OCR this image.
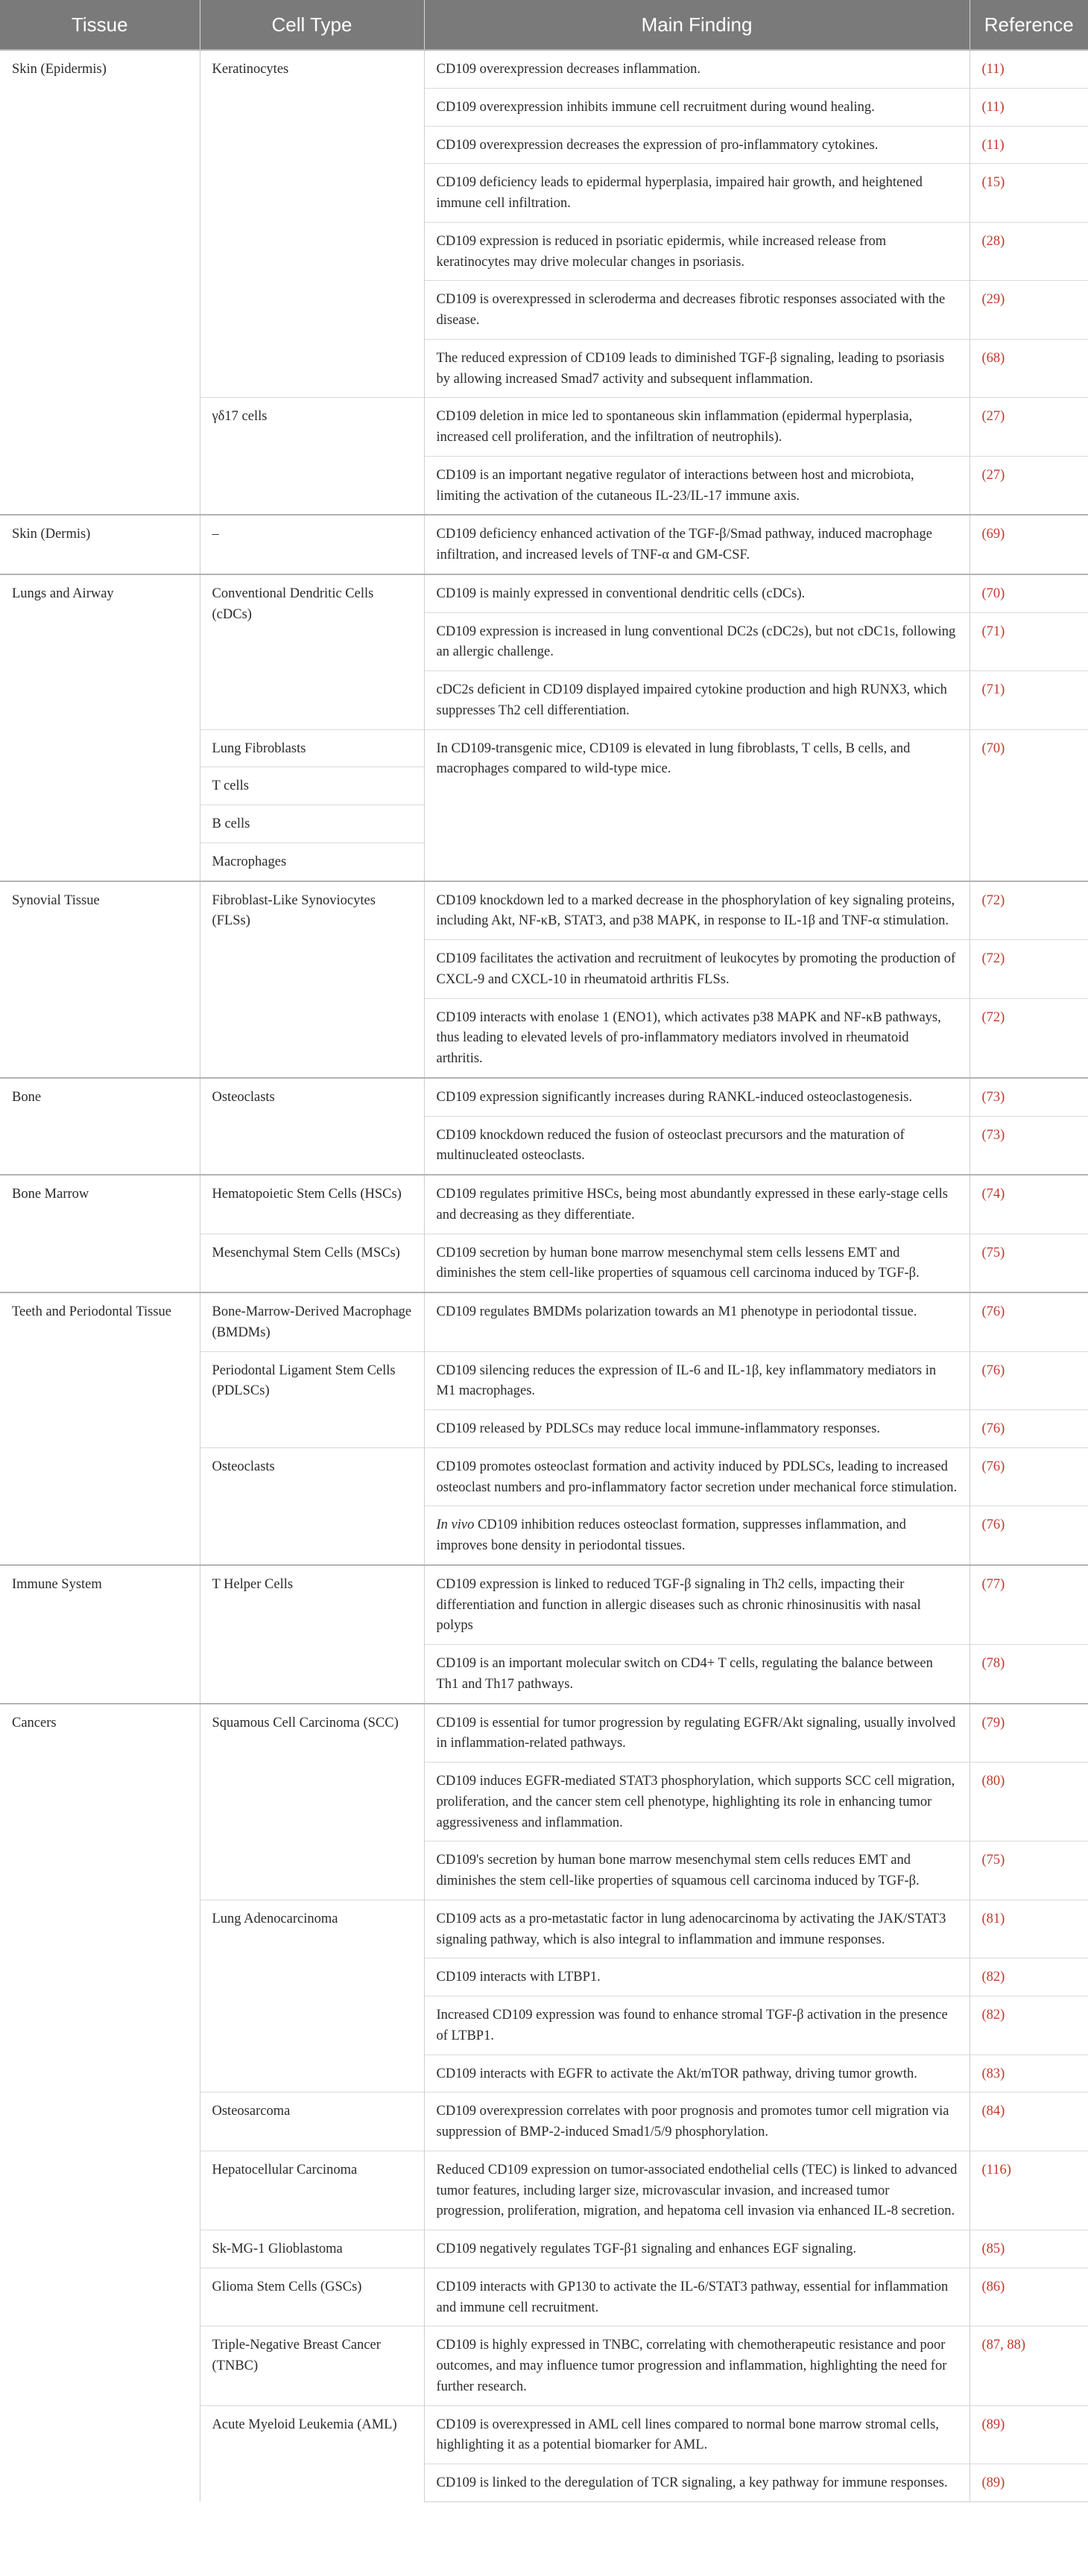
Tissue	Cell Type	Main Finding	Reference
Skin (Epidermis)	Keratinocytes	CD109 overexpression decreases inflammation.	(11)
		CD109 overexpression inhibits immune cell recruitment during wound healing.	(11)
		CD109 overexpression decreases the expression of pro-inflammatory cytokines.	(11)
		CD109 deficiency leads to epidermal hyperplasia, impaired hair growth, and heightened immune cell infiltration.	(15)
		CD109 expression is reduced in psoriatic epidermis, while increased release from keratinocytes may drive molecular changes in psoriasis.	(28)
		CD109 is overexpressed in scleroderma and decreases fibrotic responses associated with the disease.	(29)
		The reduced expression of CD109 leads to diminished TGF-β signaling, leading to psoriasis by allowing increased Smad7 activity and subsequent inflammation.	(68)
	γδ17 cells	CD109 deletion in mice led to spontaneous skin inflammation (epidermal hyperplasia, increased cell proliferation, and the infiltration of neutrophils).	(27)
		CD109 is an important negative regulator of interactions between host and microbiota, limiting the activation of the cutaneous IL-23/IL-17 immune axis.	(27)
Skin (Dermis)	–	CD109 deficiency enhanced activation of the TGF-β/Smad pathway, induced macrophage infiltration, and increased levels of TNF-α and GM-CSF.	(69)
Lungs and Airway	Conventional Dendritic Cells (cDCs)	CD109 is mainly expressed in conventional dendritic cells (cDCs).	(70)
		CD109 expression is increased in lung conventional DC2s (cDC2s), but not cDC1s, following an allergic challenge.	(71)
		cDC2s deficient in CD109 displayed impaired cytokine production and high RUNX3, which suppresses Th2 cell differentiation.	(71)
	Lung Fibroblasts	In CD109-transgenic mice, CD109 is elevated in lung fibroblasts, T cells, B cells, and macrophages compared to wild-type mice.	(70)
	T cells		
	B cells		
	Macrophages		
Synovial Tissue	Fibroblast-Like Synoviocytes (FLSs)	CD109 knockdown led to a marked decrease in the phosphorylation of key signaling proteins, including Akt, NF-κB, STAT3, and p38 MAPK, in response to IL-1β and TNF-α stimulation.	(72)
		CD109 facilitates the activation and recruitment of leukocytes by promoting the production of CXCL-9 and CXCL-10 in rheumatoid arthritis FLSs.	(72)
		CD109 interacts with enolase 1 (ENO1), which activates p38 MAPK and NF-κB pathways, thus leading to elevated levels of pro-inflammatory mediators involved in rheumatoid arthritis.	(72)
Bone	Osteoclasts	CD109 expression significantly increases during RANKL-induced osteoclastogenesis.	(73)
		CD109 knockdown reduced the fusion of osteoclast precursors and the maturation of multinucleated osteoclasts.	(73)
Bone Marrow	Hematopoietic Stem Cells (HSCs)	CD109 regulates primitive HSCs, being most abundantly expressed in these early-stage cells and decreasing as they differentiate.	(74)
	Mesenchymal Stem Cells (MSCs)	CD109 secretion by human bone marrow mesenchymal stem cells lessens EMT and diminishes the stem cell-like properties of squamous cell carcinoma induced by TGF-β.	(75)
Teeth and Periodontal Tissue	Bone-Marrow-Derived Macrophage (BMDMs)	CD109 regulates BMDMs polarization towards an M1 phenotype in periodontal tissue.	(76)
	Periodontal Ligament Stem Cells (PDLSCs)	CD109 silencing reduces the expression of IL-6 and IL-1β, key inflammatory mediators in M1 macrophages.	(76)
		CD109 released by PDLSCs may reduce local immune-inflammatory responses.	(76)
	Osteoclasts	CD109 promotes osteoclast formation and activity induced by PDLSCs, leading to increased osteoclast numbers and pro-inflammatory factor secretion under mechanical force stimulation.	(76)
		In vivo CD109 inhibition reduces osteoclast formation, suppresses inflammation, and improves bone density in periodontal tissues.	(76)
Immune System	T Helper Cells	CD109 expression is linked to reduced TGF-β signaling in Th2 cells, impacting their differentiation and function in allergic diseases such as chronic rhinosinusitis with nasal polyps	(77)
		CD109 is an important molecular switch on CD4+ T cells, regulating the balance between Th1 and Th17 pathways.	(78)
Cancers	Squamous Cell Carcinoma (SCC)	CD109 is essential for tumor progression by regulating EGFR/Akt signaling, usually involved in inflammation-related pathways.	(79)
		CD109 induces EGFR-mediated STAT3 phosphorylation, which supports SCC cell migration, proliferation, and the cancer stem cell phenotype, highlighting its role in enhancing tumor aggressiveness and inflammation.	(80)
		CD109's secretion by human bone marrow mesenchymal stem cells reduces EMT and diminishes the stem cell-like properties of squamous cell carcinoma induced by TGF-β.	(75)
	Lung Adenocarcinoma	CD109 acts as a pro-metastatic factor in lung adenocarcinoma by activating the JAK/STAT3 signaling pathway, which is also integral to inflammation and immune responses.	(81)
		CD109 interacts with LTBP1.	(82)
		Increased CD109 expression was found to enhance stromal TGF-β activation in the presence of LTBP1.	(82)
		CD109 interacts with EGFR to activate the Akt/mTOR pathway, driving tumor growth.	(83)
	Osteosarcoma	CD109 overexpression correlates with poor prognosis and promotes tumor cell migration via suppression of BMP-2-induced Smad1/5/9 phosphorylation.	(84)
	Hepatocellular Carcinoma	Reduced CD109 expression on tumor-associated endothelial cells (TEC) is linked to advanced tumor features, including larger size, microvascular invasion, and increased tumor progression, proliferation, migration, and hepatoma cell invasion via enhanced IL-8 secretion.	(116)
	Sk-MG-1 Glioblastoma	CD109 negatively regulates TGF-β1 signaling and enhances EGF signaling.	(85)
	Glioma Stem Cells (GSCs)	CD109 interacts with GP130 to activate the IL-6/STAT3 pathway, essential for inflammation and immune cell recruitment.	(86)
	Triple-Negative Breast Cancer (TNBC)	CD109 is highly expressed in TNBC, correlating with chemotherapeutic resistance and poor outcomes, and may influence tumor progression and inflammation, highlighting the need for further research.	(87, 88)
	Acute Myeloid Leukemia (AML)	CD109 is overexpressed in AML cell lines compared to normal bone marrow stromal cells, highlighting it as a potential biomarker for AML.	(89)
		CD109 is linked to the deregulation of TCR signaling, a key pathway for immune responses.	(89)
